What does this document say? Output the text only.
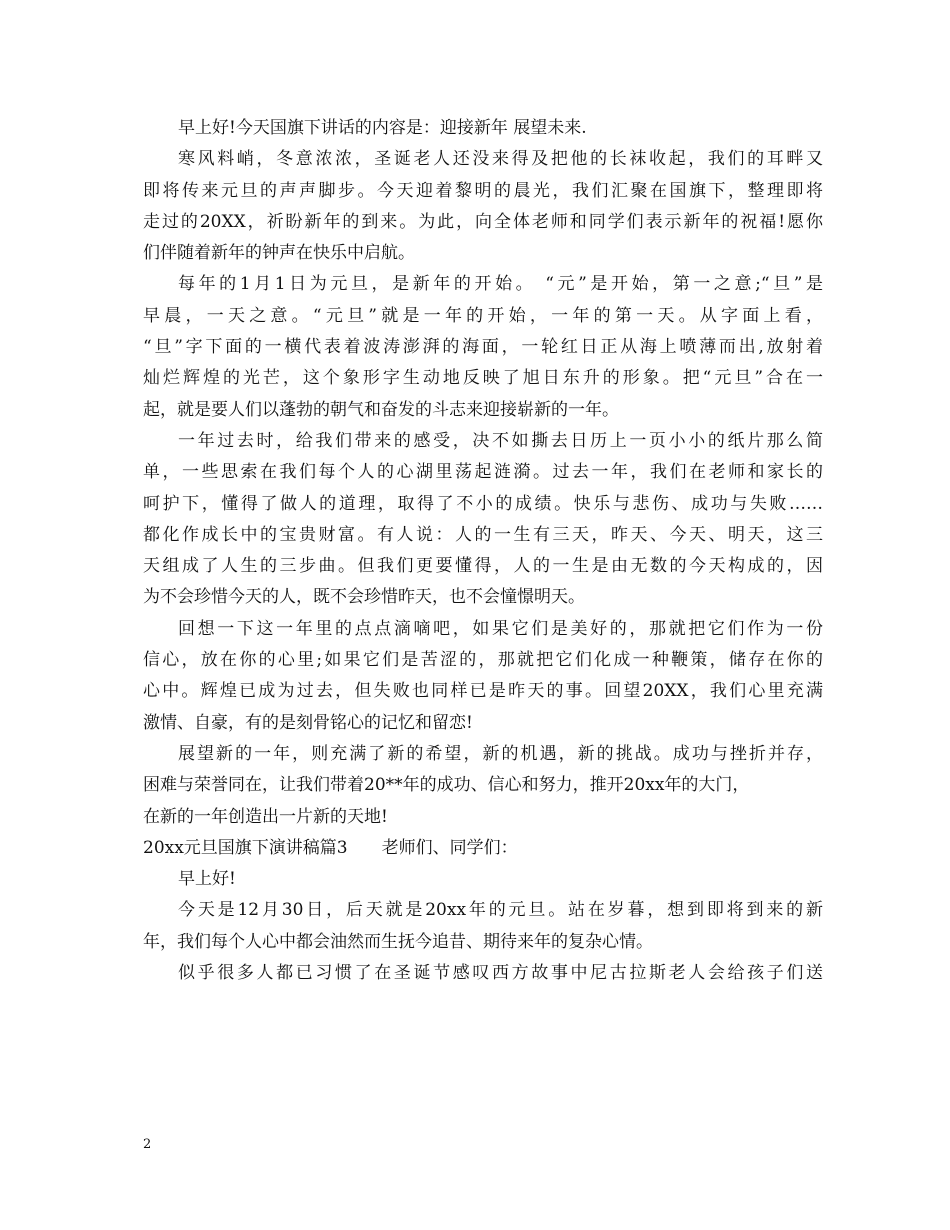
早上好!今天国旗下讲话的内容是：迎接新年 展望未来.
寒风料峭，冬意浓浓，圣诞老人还没来得及把他的长袜收起，我们的耳畔又
即将传来元旦的声声脚步。今天迎着黎明的晨光，我们汇聚在国旗下，整理即将
走过的20XX，祈盼新年的到来。为此，向全体老师和同学们表示新年的祝福!愿你
们伴随着新年的钟声在快乐中启航。
每年的1月1日为元旦，是新年的开始。 “元”是开始，第一之意;“旦”是
早晨，一天之意。“元旦”就是一年的开始，一年的第一天。从字面上看，
“旦”字下面的一横代表着波涛澎湃的海面，一轮红日正从海上喷薄而出,放射着
灿烂辉煌的光芒，这个象形字生动地反映了旭日东升的形象。把“元旦”合在一
起，就是要人们以蓬勃的朝气和奋发的斗志来迎接崭新的一年。
一年过去时，给我们带来的感受，决不如撕去日历上一页小小的纸片那么简
单，一些思索在我们每个人的心湖里荡起涟漪。过去一年，我们在老师和家长的
呵护下，懂得了做人的道理，取得了不小的成绩。快乐与悲伤、成功与失败……
都化作成长中的宝贵财富。有人说：人的一生有三天，昨天、今天、明天，这三
天组成了人生的三步曲。但我们更要懂得，人的一生是由无数的今天构成的，因
为不会珍惜今天的人，既不会珍惜昨天，也不会憧憬明天。
回想一下这一年里的点点滴嘀吧，如果它们是美好的，那就把它们作为一份
信心，放在你的心里;如果它们是苦涩的，那就把它们化成一种鞭策，储存在你的
心中。辉煌已成为过去，但失败也同样已是昨天的事。回望20XX，我们心里充满
激情、自豪，有的是刻骨铭心的记忆和留恋!
展望新的一年，则充满了新的希望，新的机遇，新的挑战。成功与挫折并存，
困难与荣誉同在，让我们带着20**年的成功、信心和努力，推开20xx年的大门，
在新的一年创造出一片新的天地!
20xx元旦国旗下演讲稿篇3　　老师们、同学们：
早上好!
今天是12月30日，后天就是20xx年的元旦。站在岁暮，想到即将到来的新
年，我们每个人心中都会油然而生抚今追昔、期待来年的复杂心情。
似乎很多人都已习惯了在圣诞节感叹西方故事中尼古拉斯老人会给孩子们送
2
